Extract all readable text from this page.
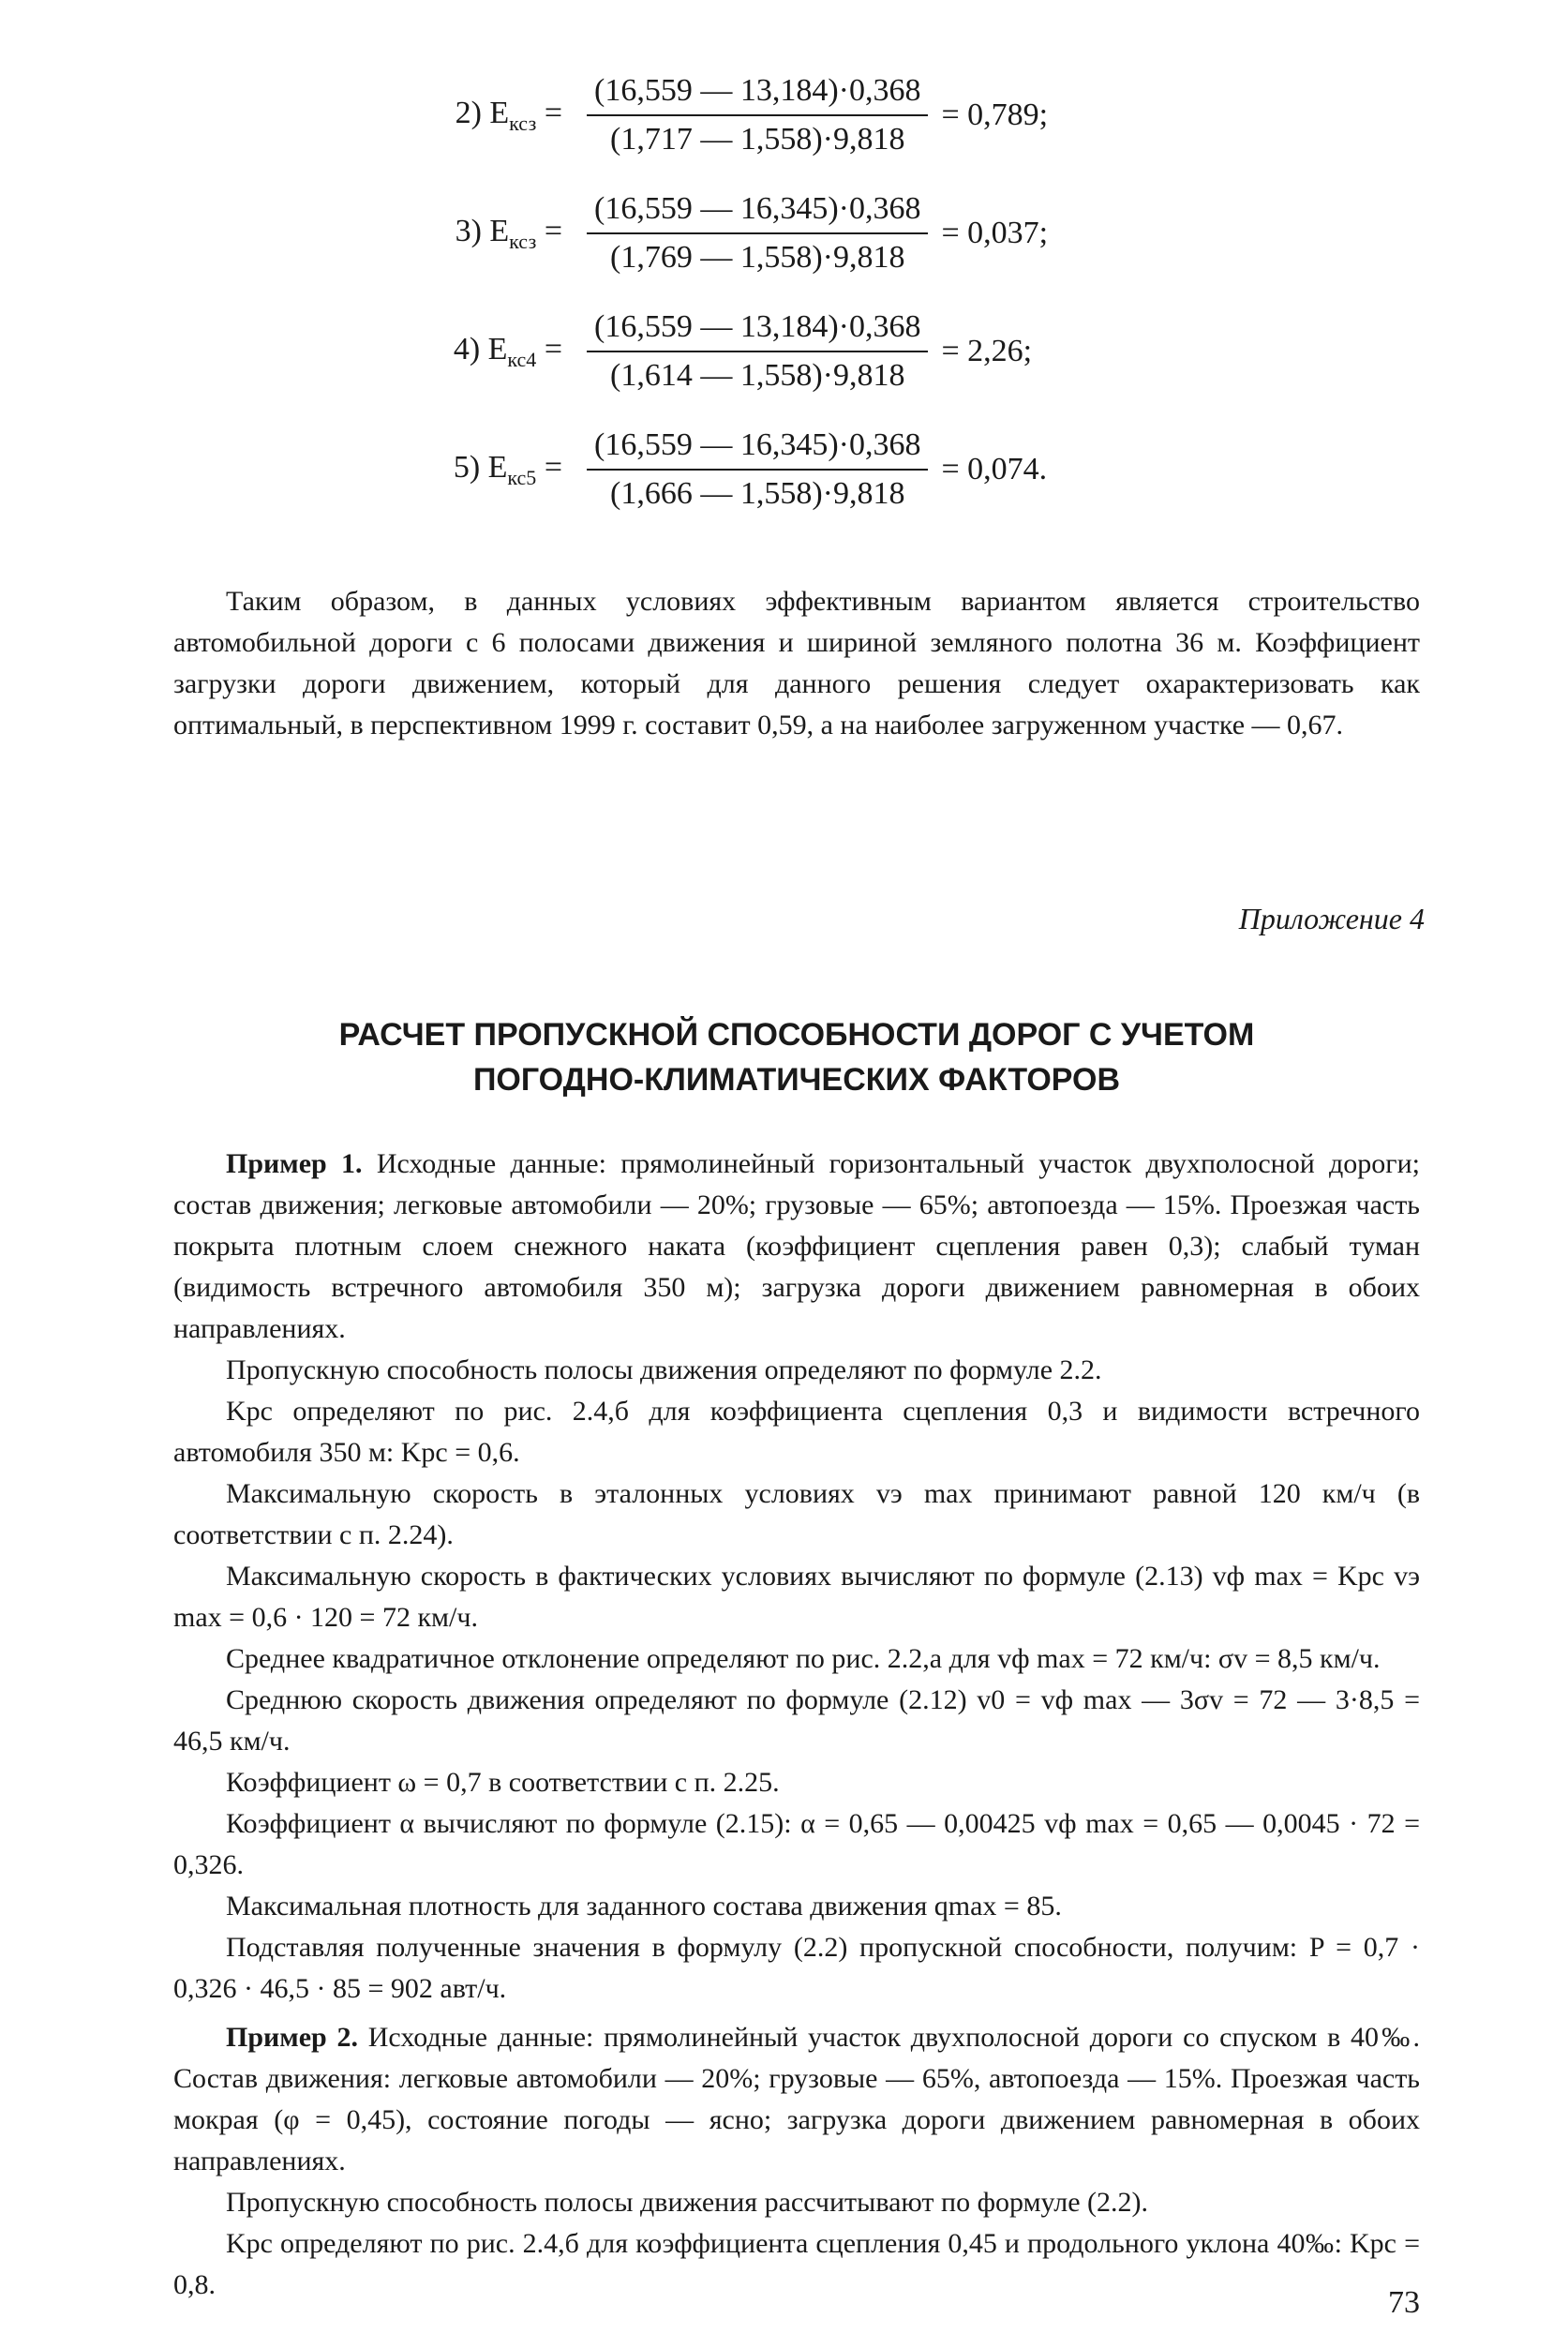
2) $E_{ксз} = \frac{(16,559 — 13,184)\cdot 0,368}{(1,717 — 1,558)\cdot 9,818} = 0,789$;
3) $E_{ксз} = \frac{(16,559 — 16,345)\cdot 0,368}{(1,769 — 1,558)\cdot 9,818} = 0,037$;
4) $E_{кс4} = \frac{(16,559 — 13,184)\cdot 0,368}{(1,614 — 1,558)\cdot 9,818} = 2,26$;
5) $E_{кс5} = \frac{(16,559 — 16,345)\cdot 0,368}{(1,666 — 1,558)\cdot 9,818} = 0,074$.

Таким образом, в данных условиях эффективным вариантом является строительство автомобильной дороги с 6 полосами движения и шириной земляного полотна 36 м. Коэффициент загрузки дороги движением, который для данного решения следует охарактеризовать как оптимальный, в перспективном 1999 г. составит 0,59, а на наиболее загруженном участке — 0,67.

Приложение 4
РАСЧЕТ ПРОПУСКНОЙ СПОСОБНОСТИ ДОРОГ С УЧЕТОМ
ПОГОДНО-КЛИМАТИЧЕСКИХ ФАКТОРОВ

Пример 1. Исходные данные: прямолинейный горизонтальный участок двухполосной дороги; состав движения; легковые автомобили — 20%; грузовые — 65%; автопоезда — 15%. Проезжая часть покрыта плотным слоем снежного наката (коэффициент сцепления равен 0,3); слабый туман (видимость встречного автомобиля 350 м); загрузка дороги движением равномерная в обоих направлениях.

Пропускную способность полосы движения определяют по формуле 2.2.

Kрс определяют по рис. 2.4,б для коэффициента сцепления 0,3 и видимости встречного автомобиля 350 м: Kрс = 0,6.

Максимальную скорость в эталонных условиях vэ max принимают равной 120 км/ч (в соответствии с п. 2.24).

Максимальную скорость в фактических условиях вычисляют по формуле (2.13) vф max = Kрс vэ max = 0,6 · 120 = 72 км/ч.

Среднее квадратичное отклонение определяют по рис. 2.2,а для vф max = 72 км/ч: σv = 8,5 км/ч.

Среднюю скорость движения определяют по формуле (2.12) v0 = vф max — 3σv = 72 — 3·8,5 = 46,5 км/ч.

Коэффициент ω = 0,7 в соответствии с п. 2.25.

Коэффициент α вычисляют по формуле (2.15): α = 0,65 — 0,00425 vф max = 0,65 — 0,0045 · 72 = 0,326.

Максимальная плотность для заданного состава движения qmax = 85.

Подставляя полученные значения в формулу (2.2) пропускной способности, получим: P = 0,7 · 0,326 · 46,5 · 85 = 902 авт/ч.

Пример 2. Исходные данные: прямолинейный участок двухполосной дороги со спуском в 40‰. Состав движения: легковые автомобили — 20%; грузовые — 65%, автопоезда — 15%. Проезжая часть мокрая (φ = 0,45), состояние погоды — ясно; загрузка дороги движением равномерная в обоих направлениях.

Пропускную способность полосы движения рассчитывают по формуле (2.2).

Kрс определяют по рис. 2.4,б для коэффициента сцепления 0,45 и продольного уклона 40‰: Kрс = 0,8.

73
